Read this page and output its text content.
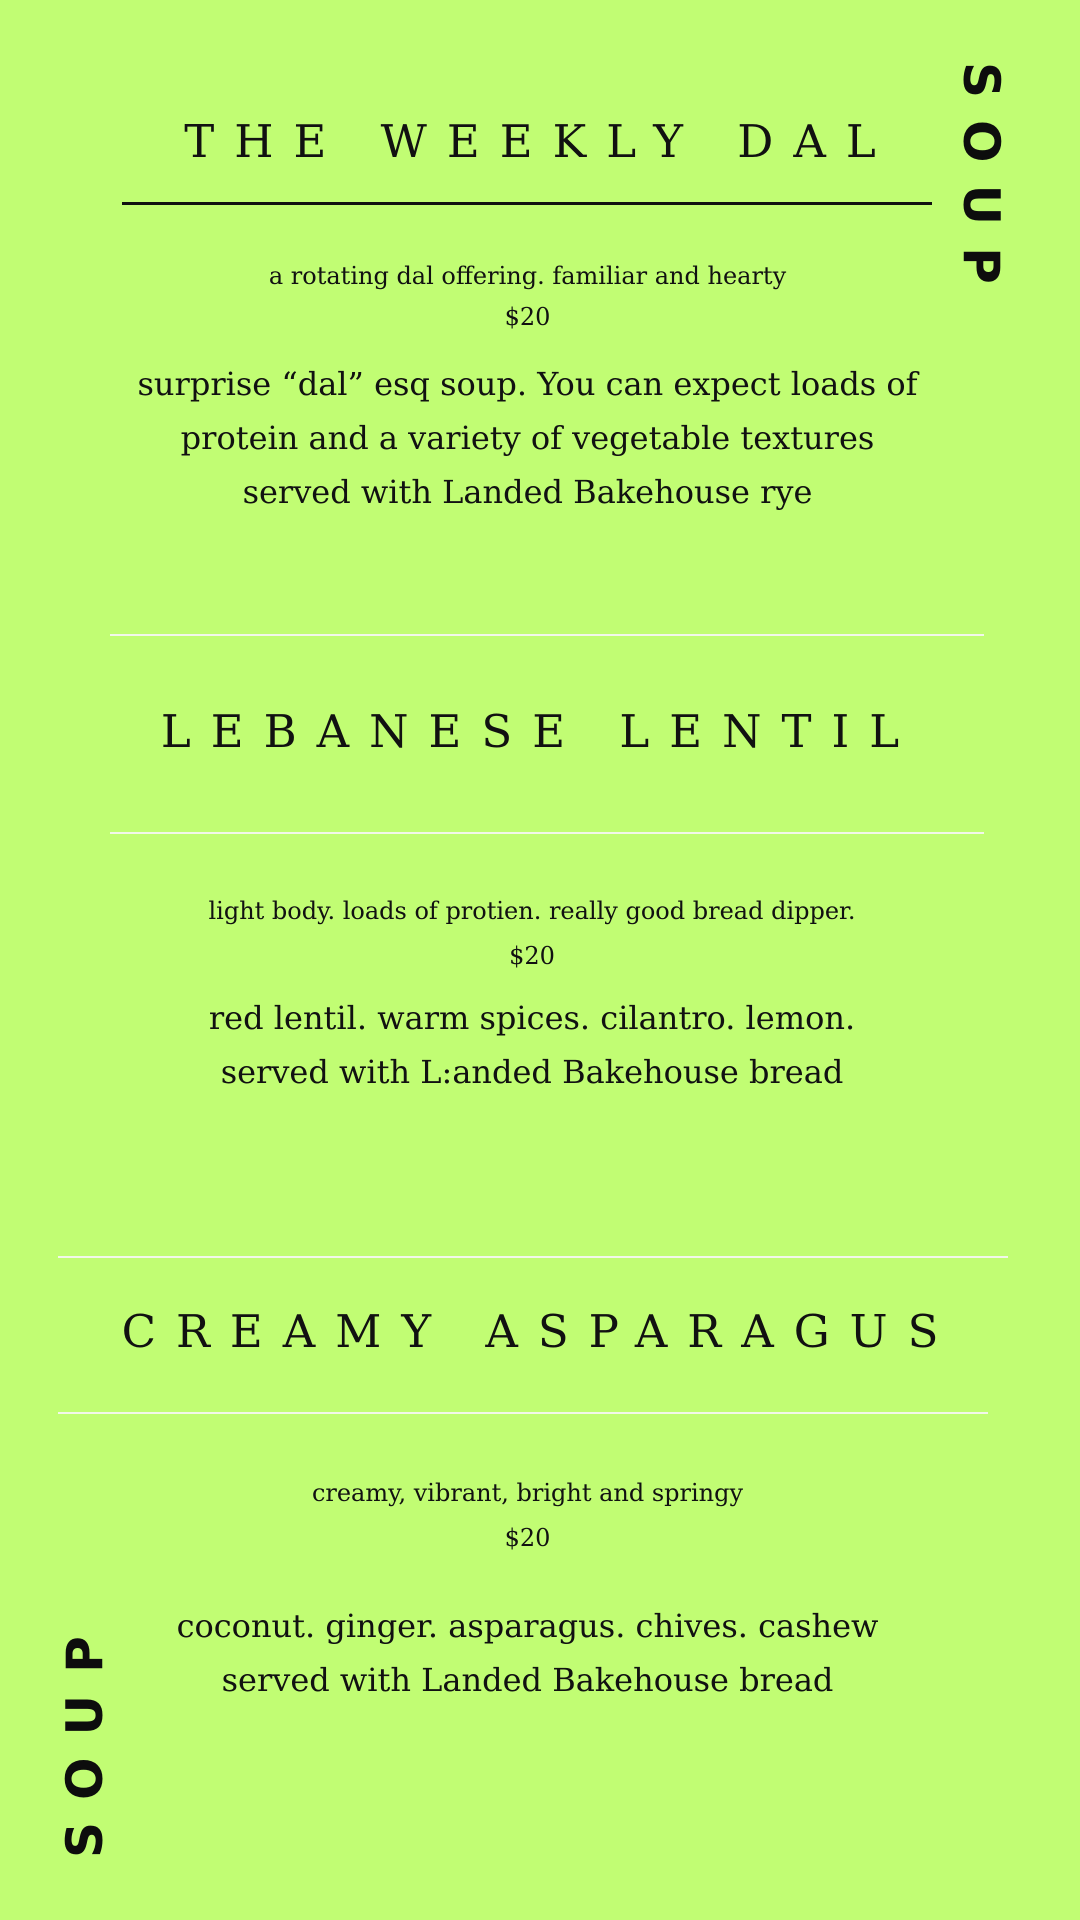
SOUP
SOUP
THE WEEKLY DAL
a rotating dal offering. familiar and hearty
$20
surprise “dal” esq soup. You can expect loads of
protein and a variety of vegetable textures
served with Landed Bakehouse rye
LEBANESE LENTIL
light body. loads of protien. really good bread dipper.
$20
red lentil. warm spices. cilantro. lemon.
served with L:anded Bakehouse bread
CREAMY ASPARAGUS
creamy, vibrant, bright and springy
$20
coconut. ginger. asparagus. chives. cashew
served with Landed Bakehouse bread
